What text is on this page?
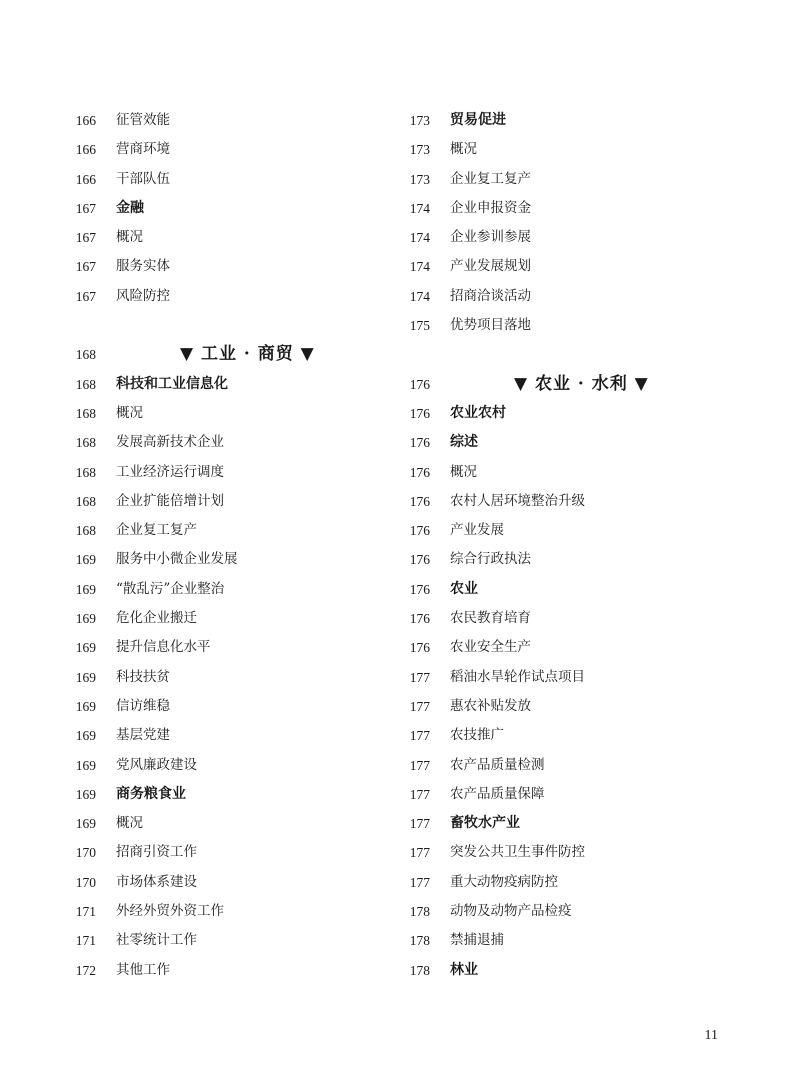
166 征管效能
166 营商环境
166 干部队伍
167 金融
167 概况
167 服务实体
167 风险防控
168	▼ 工业 · 商贸 ▼
168 科技和工业信息化
168 概况
168 发展高新技术企业
168 工业经济运行调度
168 企业扩能倍增计划
168 企业复工复产
169 服务中小微企业发展
169 “散乱污”企业整治
169 危化企业搬迁
169 提升信息化水平
169 科技扶贫
169 信访维稳
169 基层党建
169 党风廉政建设
169 商务粮食业
169 概况
170 招商引资工作
170 市场体系建设
171 外经外贸外资工作
171 社零统计工作
172 其他工作
173 贸易促进
173 概况
173 企业复工复产
174 企业申报资金
174 企业参训参展
174 产业发展规划
174 招商洽谈活动
175 优势项目落地
176	▼ 农业 · 水利 ▼
176 农业农村
176 综述
176 概况
176 农村人居环境整治升级
176 产业发展
176 综合行政执法
176 农业
176 农民教育培育
176 农业安全生产
177 稻油水旱轮作试点项目
177 惠农补贴发放
177 农技推广
177 农产品质量检测
177 农产品质量保障
177 畜牧水产业
177 突发公共卫生事件防控
177 重大动物疫病防控
178 动物及动物产品检疫
178 禁捕退捕
178 林业
11
